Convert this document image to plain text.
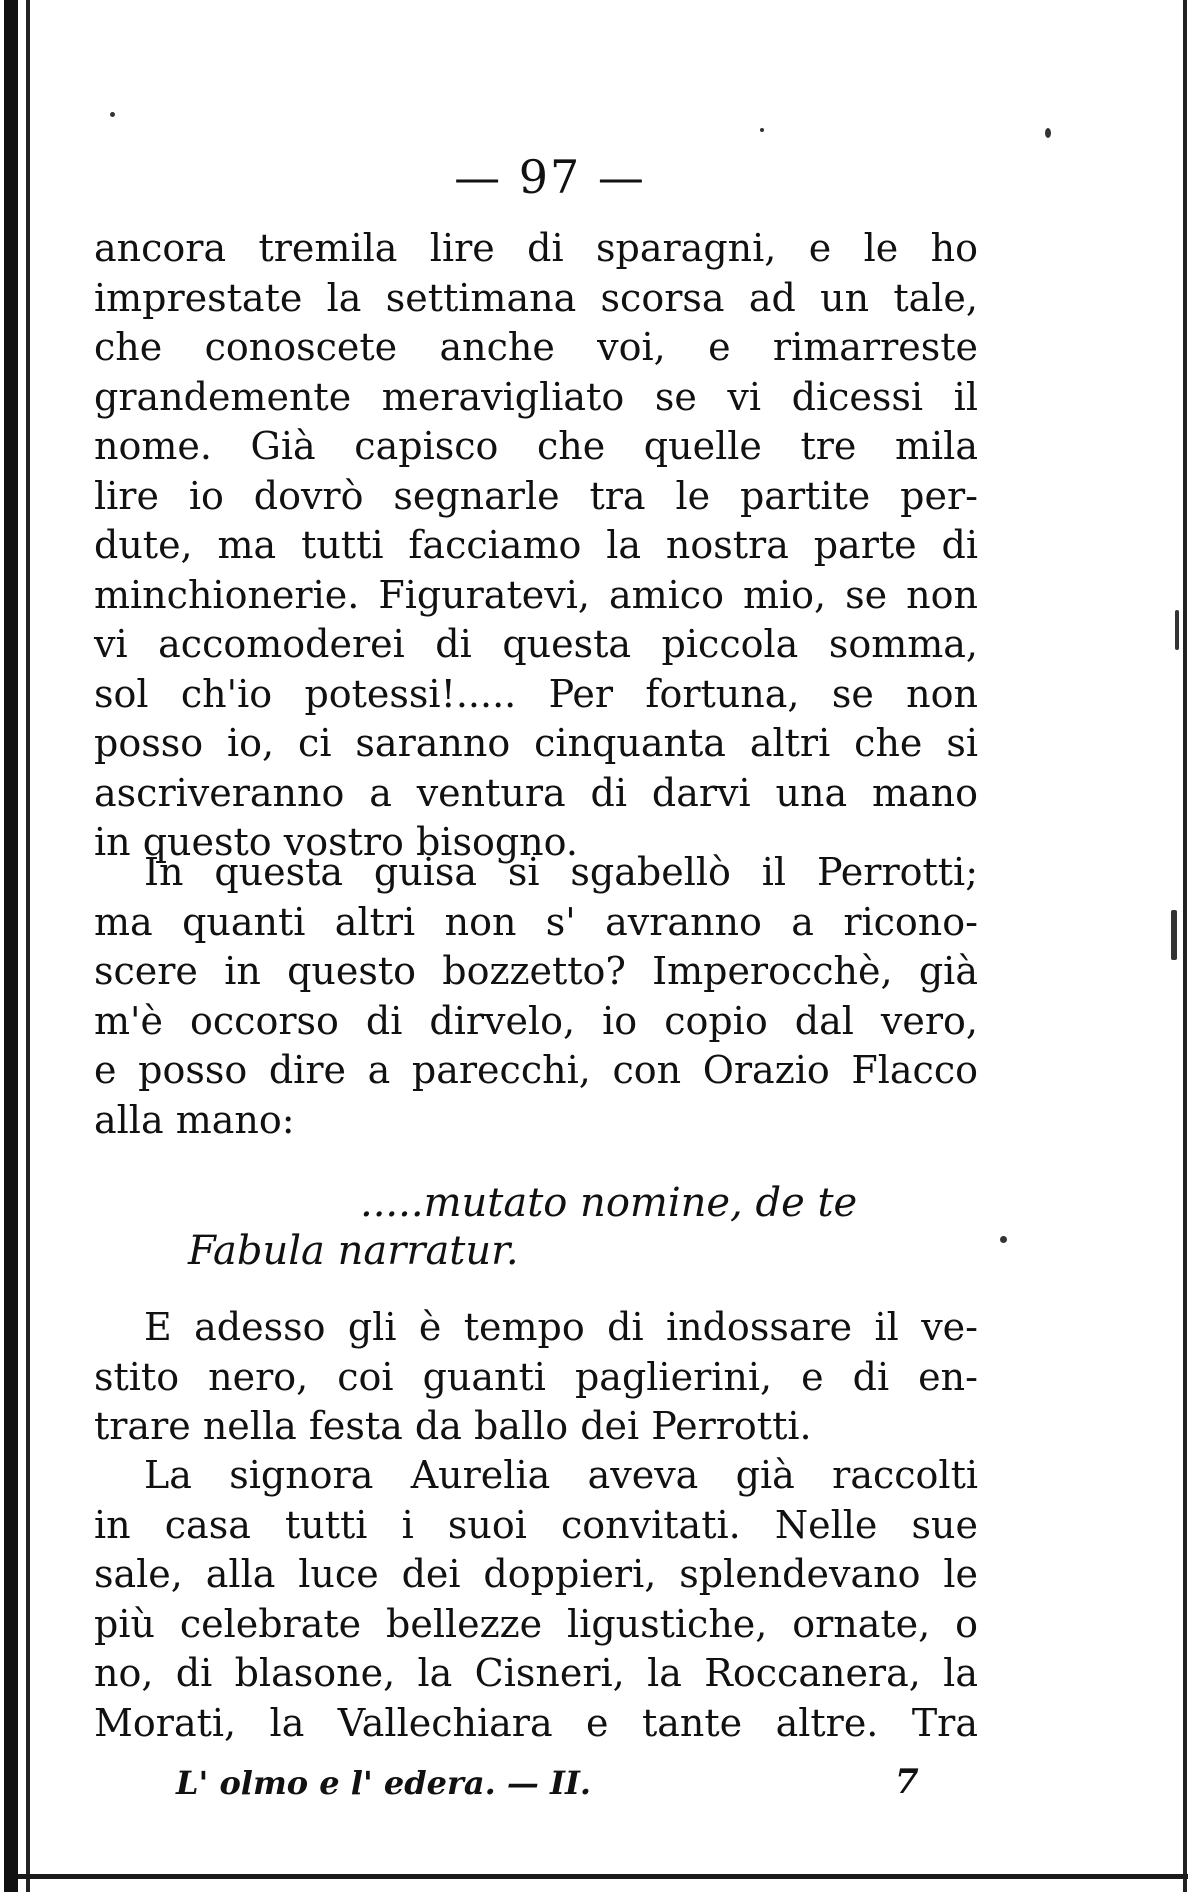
— 97 —
ancora tremila lire di sparagni, e le ho
imprestate la settimana scorsa ad un tale,
che conoscete anche voi, e rimarreste
grandemente meravigliato se vi dicessi il
nome. Già capisco che quelle tre mila
lire io dovrò segnarle tra le partite per-
dute, ma tutti facciamo la nostra parte di
minchionerie. Figuratevi, amico mio, se non
vi accomoderei di questa piccola somma,
sol ch'io potessi!..... Per fortuna, se non
posso io, ci saranno cinquanta altri che si
ascriveranno a ventura di darvi una mano
in questo vostro bisogno.
In questa guisa si sgabellò il Perrotti;
ma quanti altri non s' avranno a ricono-
scere in questo bozzetto? Imperocchè, già
m'è occorso di dirvelo, io copio dal vero,
e posso dire a parecchi, con Orazio Flacco
alla mano:
.....mutato nomine, de te
Fabula narratur.
E adesso gli è tempo di indossare il ve-
stito nero, coi guanti paglierini, e di en-
trare nella festa da ballo dei Perrotti.
La signora Aurelia aveva già raccolti
in casa tutti i suoi convitati. Nelle sue
sale, alla luce dei doppieri, splendevano le
più celebrate bellezze ligustiche, ornate, o
no, di blasone, la Cisneri, la Roccanera, la
Morati, la Vallechiara e tante altre. Tra
L' olmo e l' edera. — II.	7
